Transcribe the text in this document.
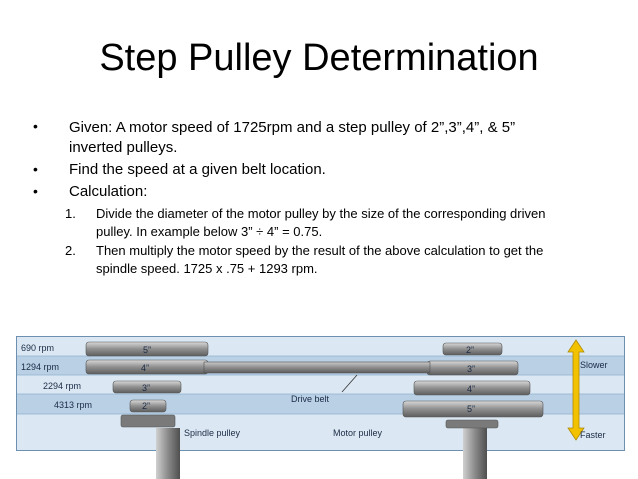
Step Pulley Determination
• Given: A motor speed of 1725rpm and a step pulley of 2”,3”,4”, & 5”
inverted pulleys.
• Find the speed at a given belt location.
• Calculation:
1. Divide the diameter of the motor pulley by the size of the corresponding driven
pulley. In example below 3” ÷ 4” = 0.75.
2. Then multiply the motor speed by the result of the above calculation to get the
spindle speed. 1725 x .75 + 1293 rpm.
690 rpm
1294 rpm
2294 rpm
4313 rpm
5”
4”
3”
2”
2”
3”
4”
5”
Drive belt
Spindle pulley	Motor pulley
Slower
Faster
